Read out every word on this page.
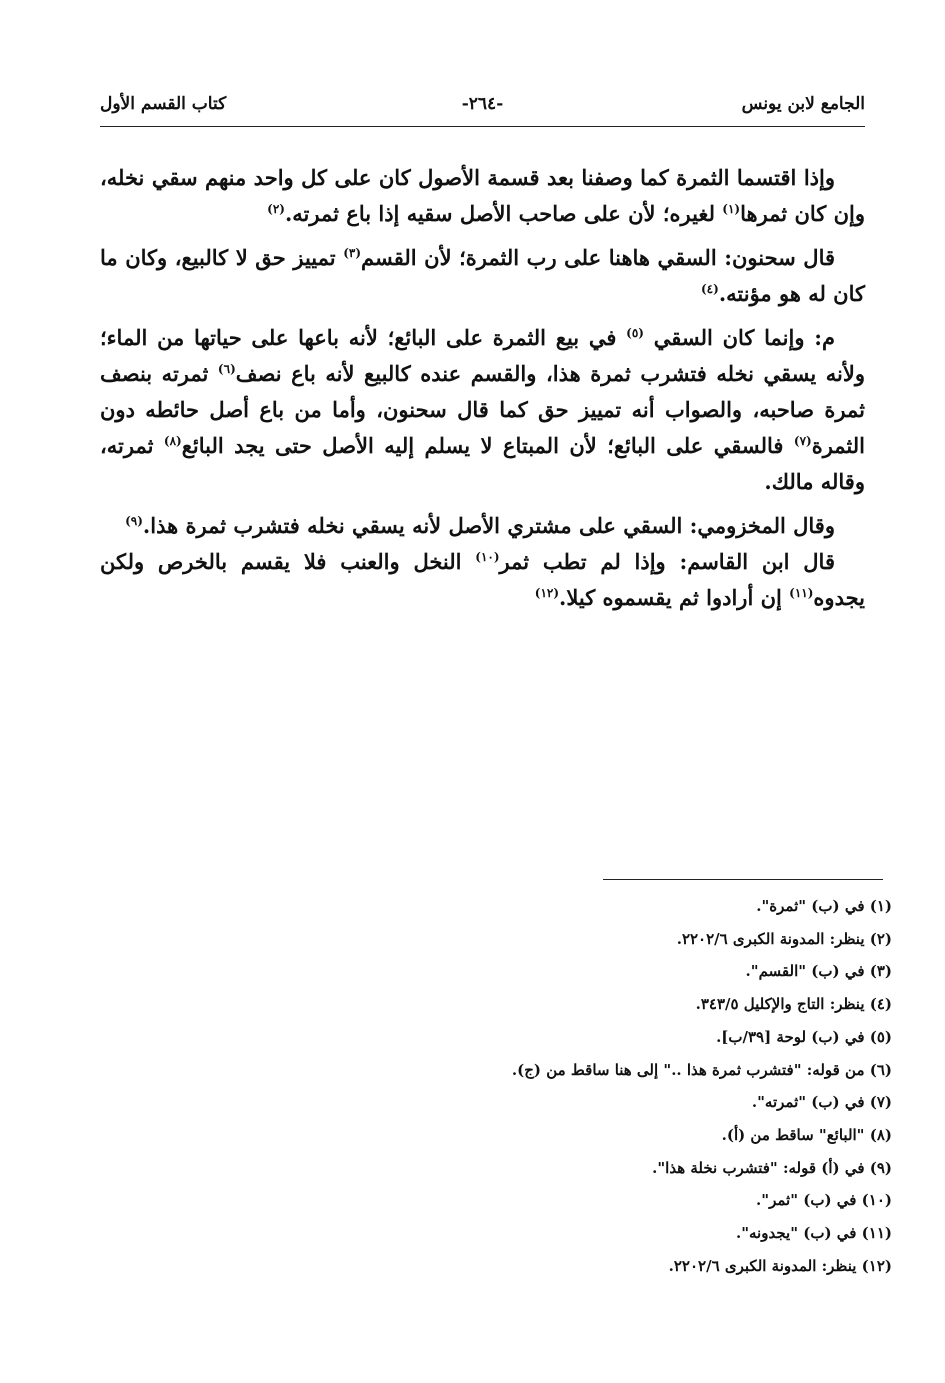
الجامع لابن يونس
-٢٦٤-
كتاب القسم الأول

وإذا اقتسما الثمرة كما وصفنا بعد قسمة الأصول كان على كل واحد منهم سقي نخله، وإن كان ثمرها$^{(١)}$ لغيره؛ لأن على صاحب الأصل سقيه إذا باع ثمرته.$^{(٢)}$

قال سحنون: السقي هاهنا على رب الثمرة؛ لأن القسم$^{(٣)}$ تمييز حق لا كالبيع، وكان ما كان له هو مؤنته.$^{(٤)}$

م: وإنما كان السقي $^{(٥)}$ في بيع الثمرة على البائع؛ لأنه باعها على حياتها من الماء؛ ولأنه يسقي نخله فتشرب ثمرة هذا، والقسم عنده كالبيع لأنه باع نصف$^{(٦)}$ ثمرته بنصف ثمرة صاحبه، والصواب أنه تمييز حق كما قال سحنون، وأما من باع أصل حائطه دون الثمرة$^{(٧)}$ فالسقي على البائع؛ لأن المبتاع لا يسلم إليه الأصل حتى يجد البائع$^{(٨)}$ ثمرته، وقاله مالك.

وقال المخزومي: السقي على مشتري الأصل لأنه يسقي نخله فتشرب ثمرة هذا.$^{(٩)}$

قال ابن القاسم: وإذا لم تطب ثمر$^{(١٠)}$ النخل والعنب فلا يقسم بالخرص ولكن يجدوه$^{(١١)}$ إن أرادوا ثم يقسموه كيلا.$^{(١٢)}$

(١) في (ب) "ثمرة".
(٢) ينظر: المدونة الكبرى ٢٢٠٢/٦.
(٣) في (ب) "القسم".
(٤) ينظر: التاج والإكليل ٣٤٣/٥.
(٥) في (ب) لوحة [٣٩/ب].
(٦) من قوله: "فتشرب ثمرة هذا .." إلى هنا ساقط من (ج).
(٧) في (ب) "ثمرته".
(٨) "البائع" ساقط من (أ).
(٩) في (أ) قوله: "فتشرب نخلة هذا".
(١٠) في (ب) "ثمر".
(١١) في (ب) "يجدونه".
(١٢) ينظر: المدونة الكبرى ٢٢٠٢/٦.
